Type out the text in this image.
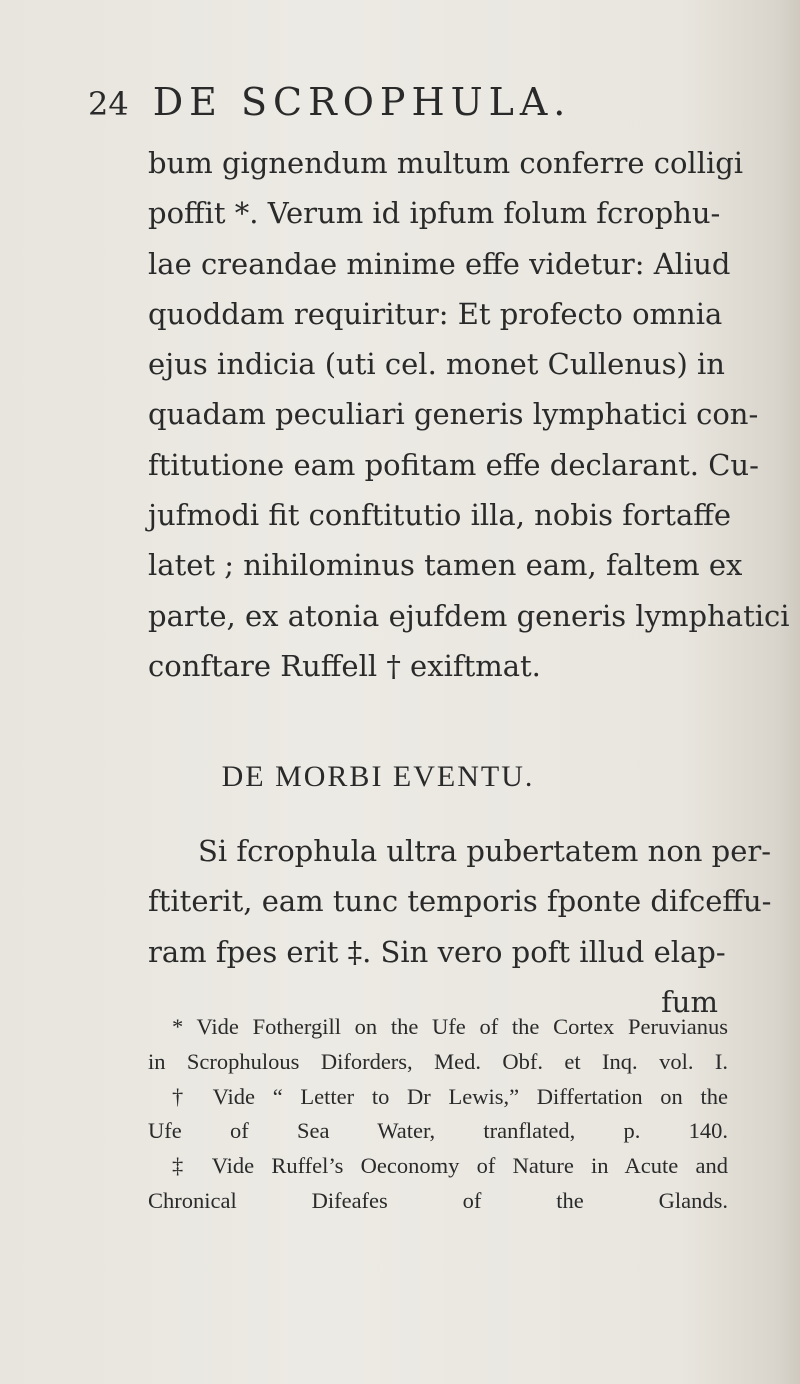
24 DE SCROPHULA.
bum gignendum multum conferre colligi
poffit *. Verum id ipfum folum fcrophu-
lae creandae minime effe videtur: Aliud
quoddam requiritur: Et profecto omnia
ejus indicia (uti cel. monet Cullenus) in
quadam peculiari generis lymphatici con-
ftitutione eam pofitam effe declarant. Cu-
jufmodi fit conftitutio illa, nobis fortaffe
latet ; nihilominus tamen eam, faltem ex
parte, ex atonia ejufdem generis lymphatici
conftare Ruffell † exiftmat.
DE MORBI EVENTU.
Si fcrophula ultra pubertatem non per-
ftiterit, eam tunc temporis fponte difceffu-
ram fpes erit ‡. Sin vero poft illud elap-
fum
* Vide Fothergill on the Ufe of the Cortex Peruvianus
in Scrophulous Diforders, Med. Obf. et Inq. vol. I.
† Vide “ Letter to Dr Lewis,” Differtation on the
Ufe of Sea Water, tranflated, p. 140.
‡ Vide Ruffel’s Oeconomy of Nature in Acute and
Chronical Difeafes of the Glands.
